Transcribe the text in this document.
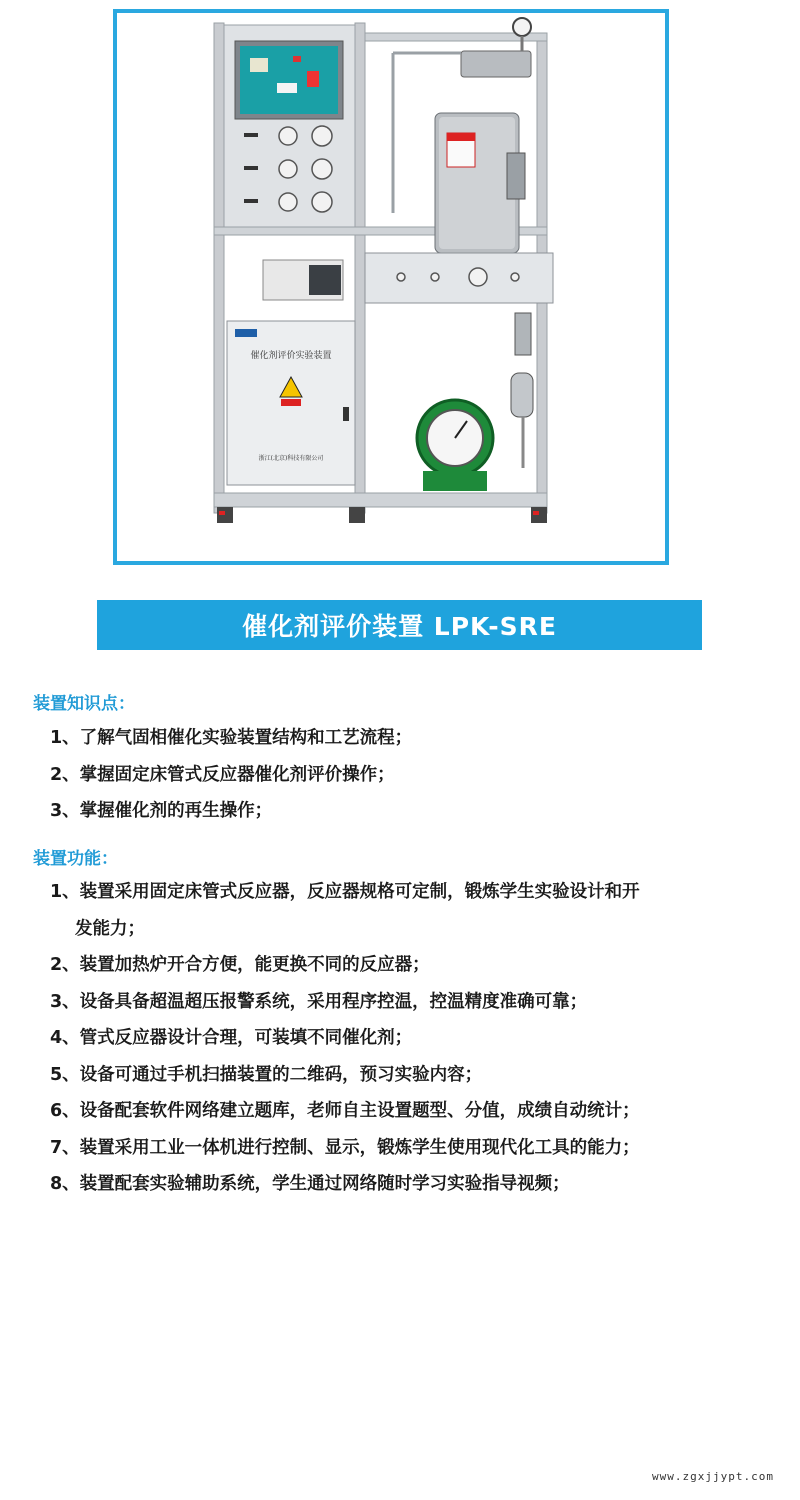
催化剂评价实验装置
浙江(北京)科技有限公司
催化剂评价装置 LPK-SRE
装置知识点：
1、了解气固相催化实验装置结构和工艺流程；
2、掌握固定床管式反应器催化剂评价操作；
3、掌握催化剂的再生操作；
装置功能：
1、装置采用固定床管式反应器，反应器规格可定制，锻炼学生实验设计和开
发能力；
2、装置加热炉开合方便，能更换不同的反应器；
3、设备具备超温超压报警系统，采用程序控温，控温精度准确可靠；
4、管式反应器设计合理，可装填不同催化剂；
5、设备可通过手机扫描装置的二维码，预习实验内容；
6、设备配套软件网络建立题库，老师自主设置题型、分值，成绩自动统计；
7、装置采用工业一体机进行控制、显示，锻炼学生使用现代化工具的能力；
8、装置配套实验辅助系统，学生通过网络随时学习实验指导视频；
www.zgxjjypt.com
